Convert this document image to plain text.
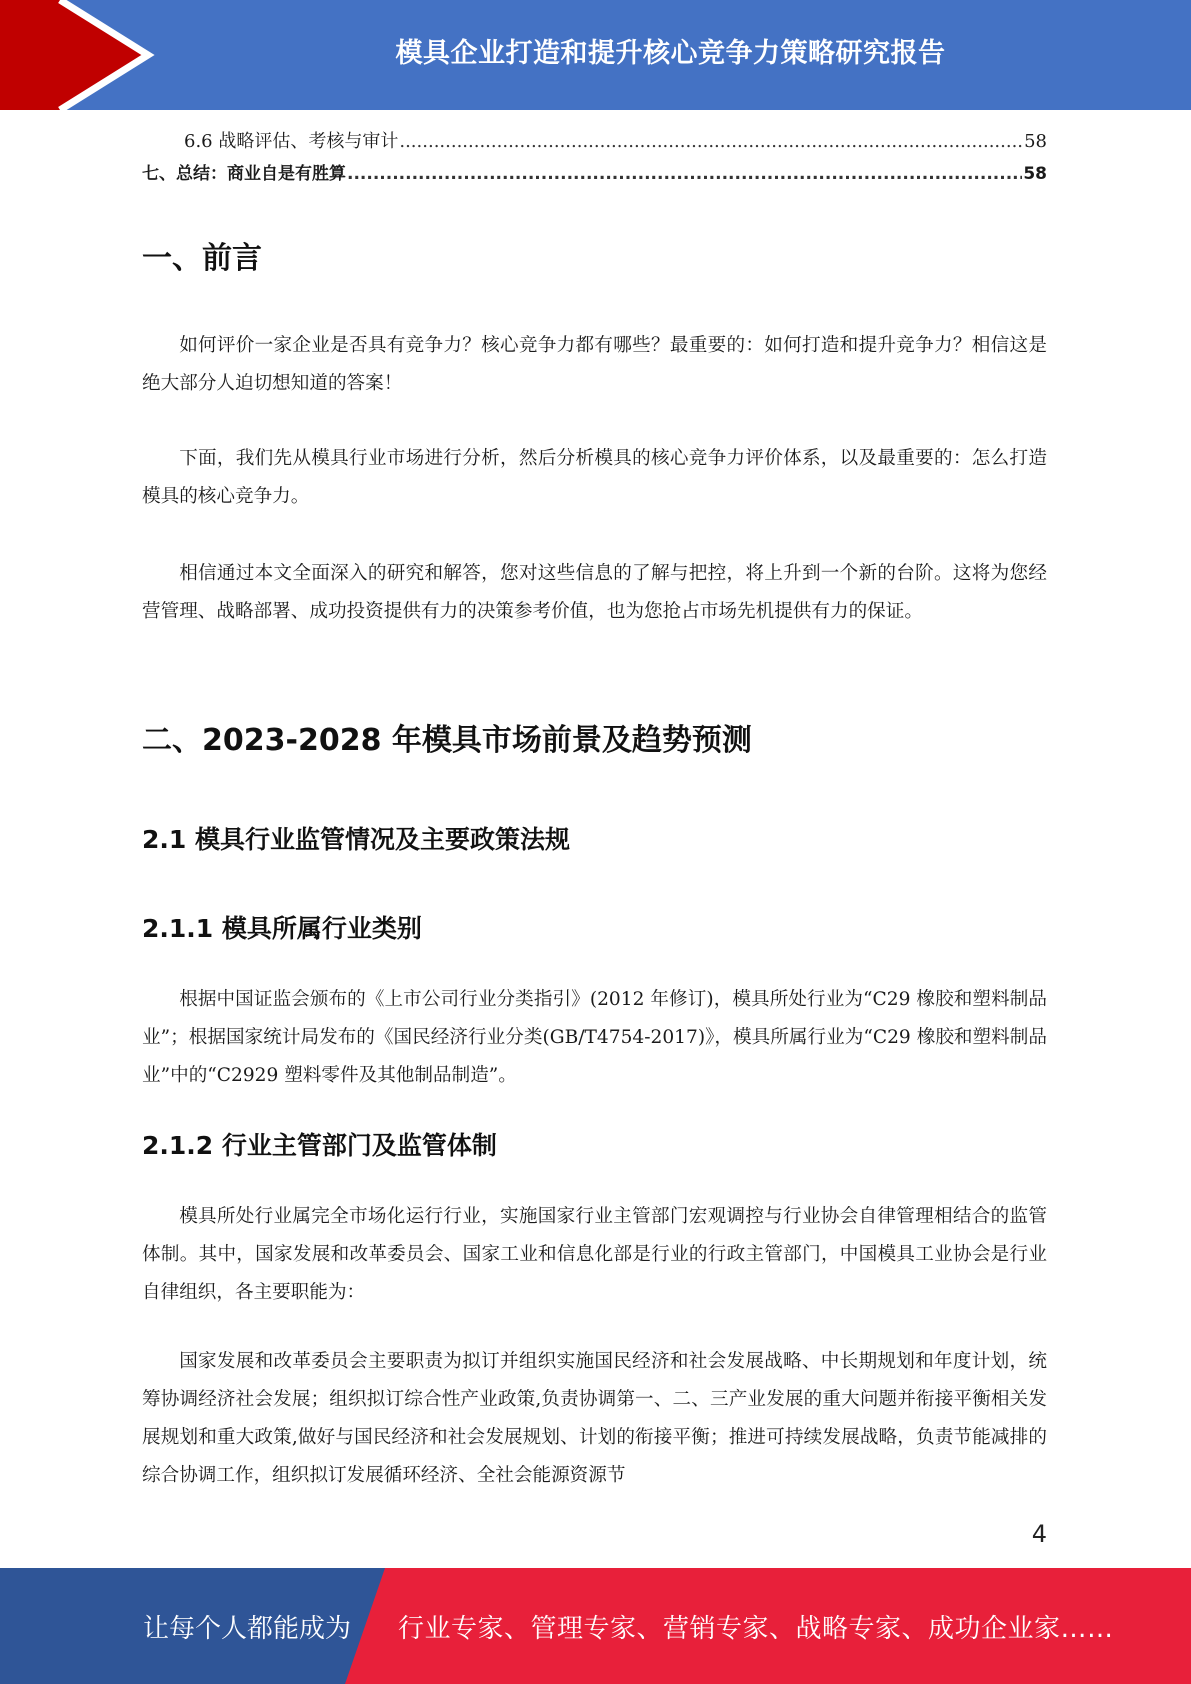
模具企业打造和提升核心竞争力策略研究报告
6.6 战略评估、考核与审计 .....	58
七、总结：商业自是有胜算 .....	58
一、前言

如何评价一家企业是否具有竞争力？核心竞争力都有哪些？最重要的：如何打造和提升竞争力？相信这是绝大部分人迫切想知道的答案！

下面，我们先从模具行业市场进行分析，然后分析模具的核心竞争力评价体系，以及最重要的：怎么打造模具的核心竞争力。

相信通过本文全面深入的研究和解答，您对这些信息的了解与把控，将上升到一个新的台阶。这将为您经营管理、战略部署、成功投资提供有力的决策参考价值，也为您抢占市场先机提供有力的保证。

二、2023-2028 年模具市场前景及趋势预测
2.1 模具行业监管情况及主要政策法规
2.1.1 模具所属行业类别

根据中国证监会颁布的《上市公司行业分类指引》(2012 年修订)，模具所处行业为“C29 橡胶和塑料制品业”；根据国家统计局发布的《国民经济行业分类(GB/T4754-2017)》，模具所属行业为“C29 橡胶和塑料制品业”中的“C2929 塑料零件及其他制品制造”。

2.1.2 行业主管部门及监管体制

模具所处行业属完全市场化运行行业，实施国家行业主管部门宏观调控与行业协会自律管理相结合的监管体制。其中，国家发展和改革委员会、国家工业和信息化部是行业的行政主管部门，中国模具工业协会是行业自律组织，各主要职能为：

国家发展和改革委员会主要职责为拟订并组织实施国民经济和社会发展战略、中长期规划和年度计划，统筹协调经济社会发展；组织拟订综合性产业政策,负责协调第一、二、三产业发展的重大问题并衔接平衡相关发展规划和重大政策,做好与国民经济和社会发展规划、计划的衔接平衡；推进可持续发展战略，负责节能减排的综合协调工作，组织拟订发展循环经济、全社会能源资源节

4
让每个人都能成为 行业专家、管理专家、营销专家、战略专家、成功企业家……
